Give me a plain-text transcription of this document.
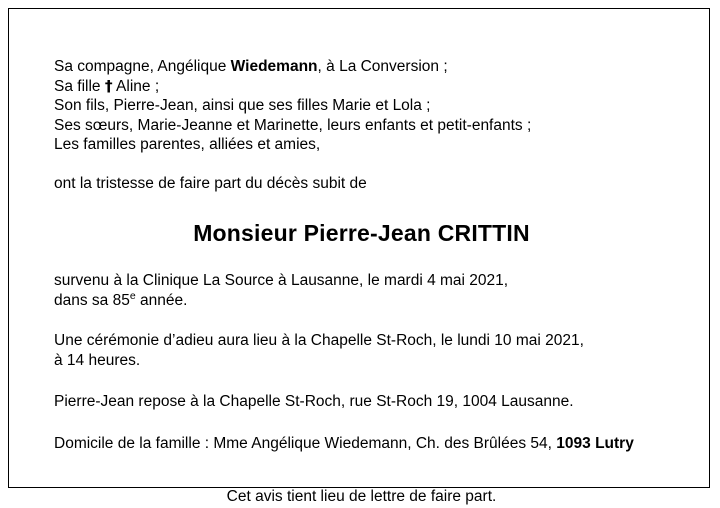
Sa compagne, Angélique Wiedemann, à La Conversion ;
Sa fille † Aline ;
Son fils, Pierre-Jean, ainsi que ses filles Marie et Lola ;
Ses sœurs, Marie-Jeanne et Marinette, leurs enfants et petit-enfants ;
Les familles parentes, alliées et amies,
ont la tristesse de faire part du décès subit de
Monsieur Pierre-Jean CRITTIN
survenu à la Clinique La Source à Lausanne, le mardi 4 mai 2021,
dans sa 85e année.
Une cérémonie d’adieu aura lieu à la Chapelle St-Roch, le lundi 10 mai 2021,
à 14 heures.
Pierre-Jean repose à la Chapelle St-Roch, rue St-Roch 19, 1004 Lausanne.
Domicile de la famille : Mme Angélique Wiedemann, Ch. des Brûlées 54, 1093 Lutry
Cet avis tient lieu de lettre de faire part.
